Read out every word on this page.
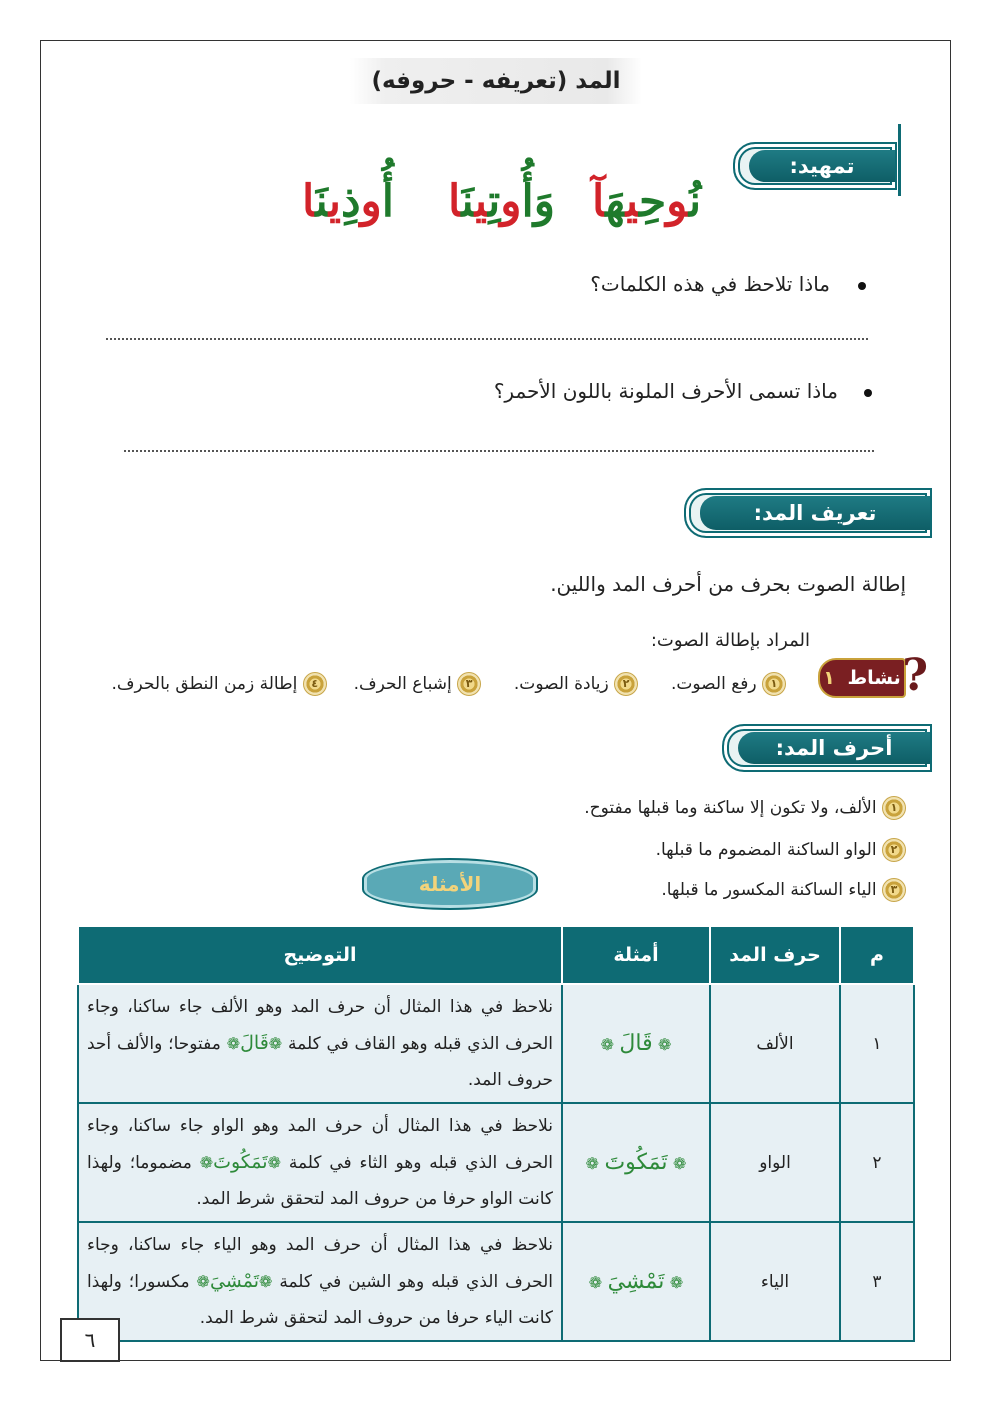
المد (تعريفه - حروفه)
تمهيد:
نُوحِيهَآ
وَأُوتِينَا
أُوذِينَا
ماذا تلاحظ في هذه الكلمات؟
ماذا تسمى الأحرف الملونة باللون الأحمر؟
تعريف المد:
إطالة الصوت بحرف من أحرف المد واللين.
المراد بإطالة الصوت:
نشاط ١	?
١ رفع الصوت.  ٢ زيادة الصوت.  ٣ إشباع الحرف.  ٤ إطالة زمن النطق بالحرف.
أحرف المد:
١ الألف، ولا تكون إلا ساكنة وما قبلها مفتوح.
٢ الواو الساكنة المضموم ما قبلها.
٣ الياء الساكنة المكسور ما قبلها.
الأمثلة
م	حرف المد	أمثلة	التوضيح
١	الألف	❁ قَالَ ❁	نلاحظ في هذا المثال أن حرف المد وهو الألف جاء ساكنا، وجاء الحرف الذي قبله وهو القاف في كلمة ❁قَالَ❁ مفتوحا؛ والألف أحد حروف المد.
٢	الواو	❁ تَمَكُوتَ ❁	نلاحظ في هذا المثال أن حرف المد وهو الواو جاء ساكنا، وجاء الحرف الذي قبله وهو الثاء في كلمة ❁تَمَكُوتَ❁ مضموما؛ ولهذا كانت الواو حرفا من حروف المد لتحقق شرط المد.
٣	الياء	❁ تَمْشِيَ ❁	نلاحظ في هذا المثال أن حرف المد وهو الياء جاء ساكنا، وجاء الحرف الذي قبله وهو الشين في كلمة ❁تَمْشِيَ❁ مكسورا؛ ولهذا كانت الياء حرفا من حروف المد لتحقق شرط المد.
٦
